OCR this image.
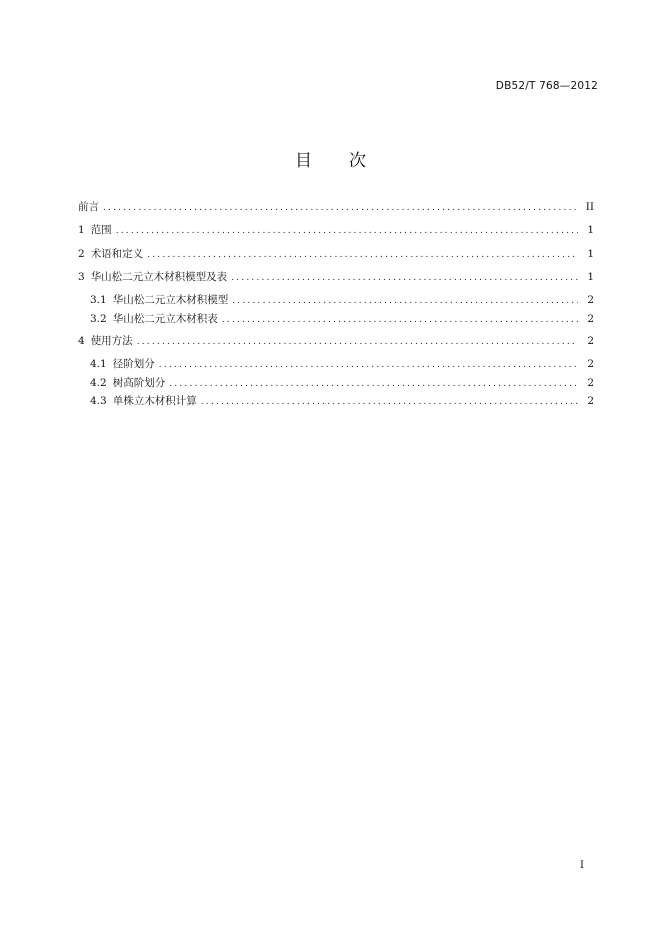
DB52/T 768—2012
目　　次
前言 .....	II
1 范围 .....	1
2 术语和定义 .....	1
3 华山松二元立木材积模型及表 .....	1
3.1 华山松二元立木材积模型 .....	2
3.2 华山松二元立木材积表 .....	2
4 使用方法 .....	2
4.1 径阶划分 .....	2
4.2 树高阶划分 .....	2
4.3 单株立木材积计算 .....	2
I
